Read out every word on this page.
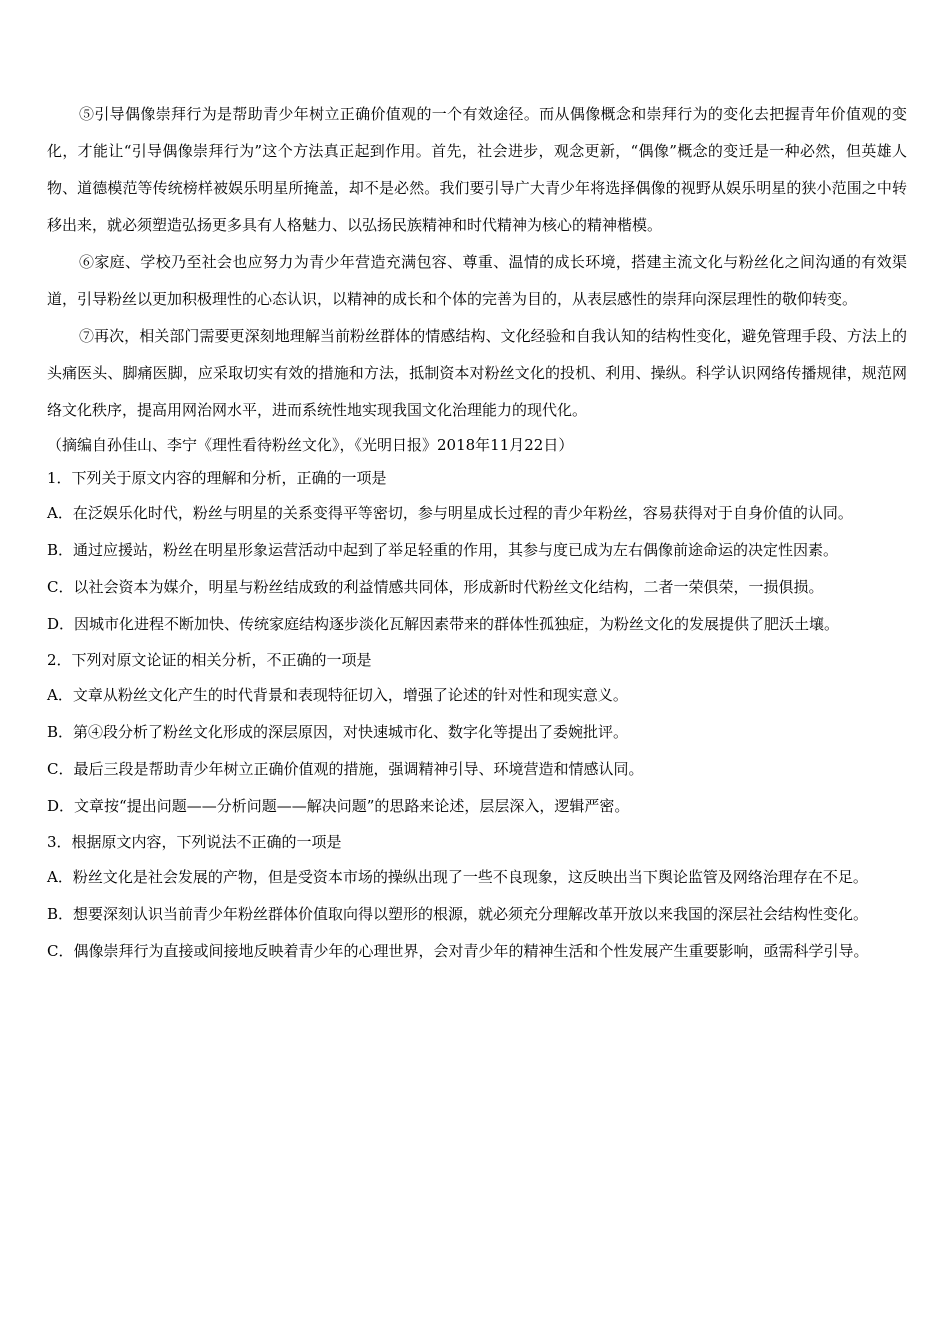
⑤引导偶像崇拜行为是帮助青少年树立正确价值观的一个有效途径。而从偶像概念和崇拜行为的变化去把握青年价值观的变化，才能让“引导偶像崇拜行为”这个方法真正起到作用。首先，社会进步，观念更新，“偶像”概念的变迁是一种必然，但英雄人物、道德模范等传统榜样被娱乐明星所掩盖，却不是必然。我们要引导广大青少年将选择偶像的视野从娱乐明星的狭小范围之中转移出来，就必须塑造弘扬更多具有人格魅力、以弘扬民族精神和时代精神为核心的精神楷模。

⑥家庭、学校乃至社会也应努力为青少年营造充满包容、尊重、温情的成长环境，搭建主流文化与粉丝化之间沟通的有效渠道，引导粉丝以更加积极理性的心态认识，以精神的成长和个体的完善为目的，从表层感性的崇拜向深层理性的敬仰转变。

⑦再次，相关部门需要更深刻地理解当前粉丝群体的情感结构、文化经验和自我认知的结构性变化，避免管理手段、方法上的头痛医头、脚痛医脚，应采取切实有效的措施和方法，抵制资本对粉丝文化的投机、利用、操纵。科学认识网络传播规律，规范网络文化秩序，提高用网治网水平，进而系统性地实现我国文化治理能力的现代化。

（摘编自孙佳山、李宁《理性看待粉丝文化》，《光明日报》2018年11月22日）

1．下列关于原文内容的理解和分析，正确的一项是

A．在泛娱乐化时代，粉丝与明星的关系变得平等密切，参与明星成长过程的青少年粉丝，容易获得对于自身价值的认同。

B．通过应援站，粉丝在明星形象运营活动中起到了举足轻重的作用，其参与度已成为左右偶像前途命运的决定性因素。

C．以社会资本为媒介，明星与粉丝结成致的利益情感共同体，形成新时代粉丝文化结构，二者一荣俱荣，一损俱损。

D．因城市化进程不断加快、传统家庭结构逐步淡化瓦解因素带来的群体性孤独症，为粉丝文化的发展提供了肥沃土壤。

2．下列对原文论证的相关分析，不正确的一项是

A．文章从粉丝文化产生的时代背景和表现特征切入，增强了论述的针对性和现实意义。

B．第④段分析了粉丝文化形成的深层原因，对快速城市化、数字化等提出了委婉批评。

C．最后三段是帮助青少年树立正确价值观的措施，强调精神引导、环境营造和情感认同。

D．文章按“提出问题——分析问题——解决问题”的思路来论述，层层深入，逻辑严密。

3．根据原文内容，下列说法不正确的一项是

A．粉丝文化是社会发展的产物，但是受资本市场的操纵出现了一些不良现象，这反映出当下舆论监管及网络治理存在不足。

B．想要深刻认识当前青少年粉丝群体价值取向得以塑形的根源，就必须充分理解改革开放以来我国的深层社会结构性变化。

C．偶像崇拜行为直接或间接地反映着青少年的心理世界，会对青少年的精神生活和个性发展产生重要影响，亟需科学引导。
